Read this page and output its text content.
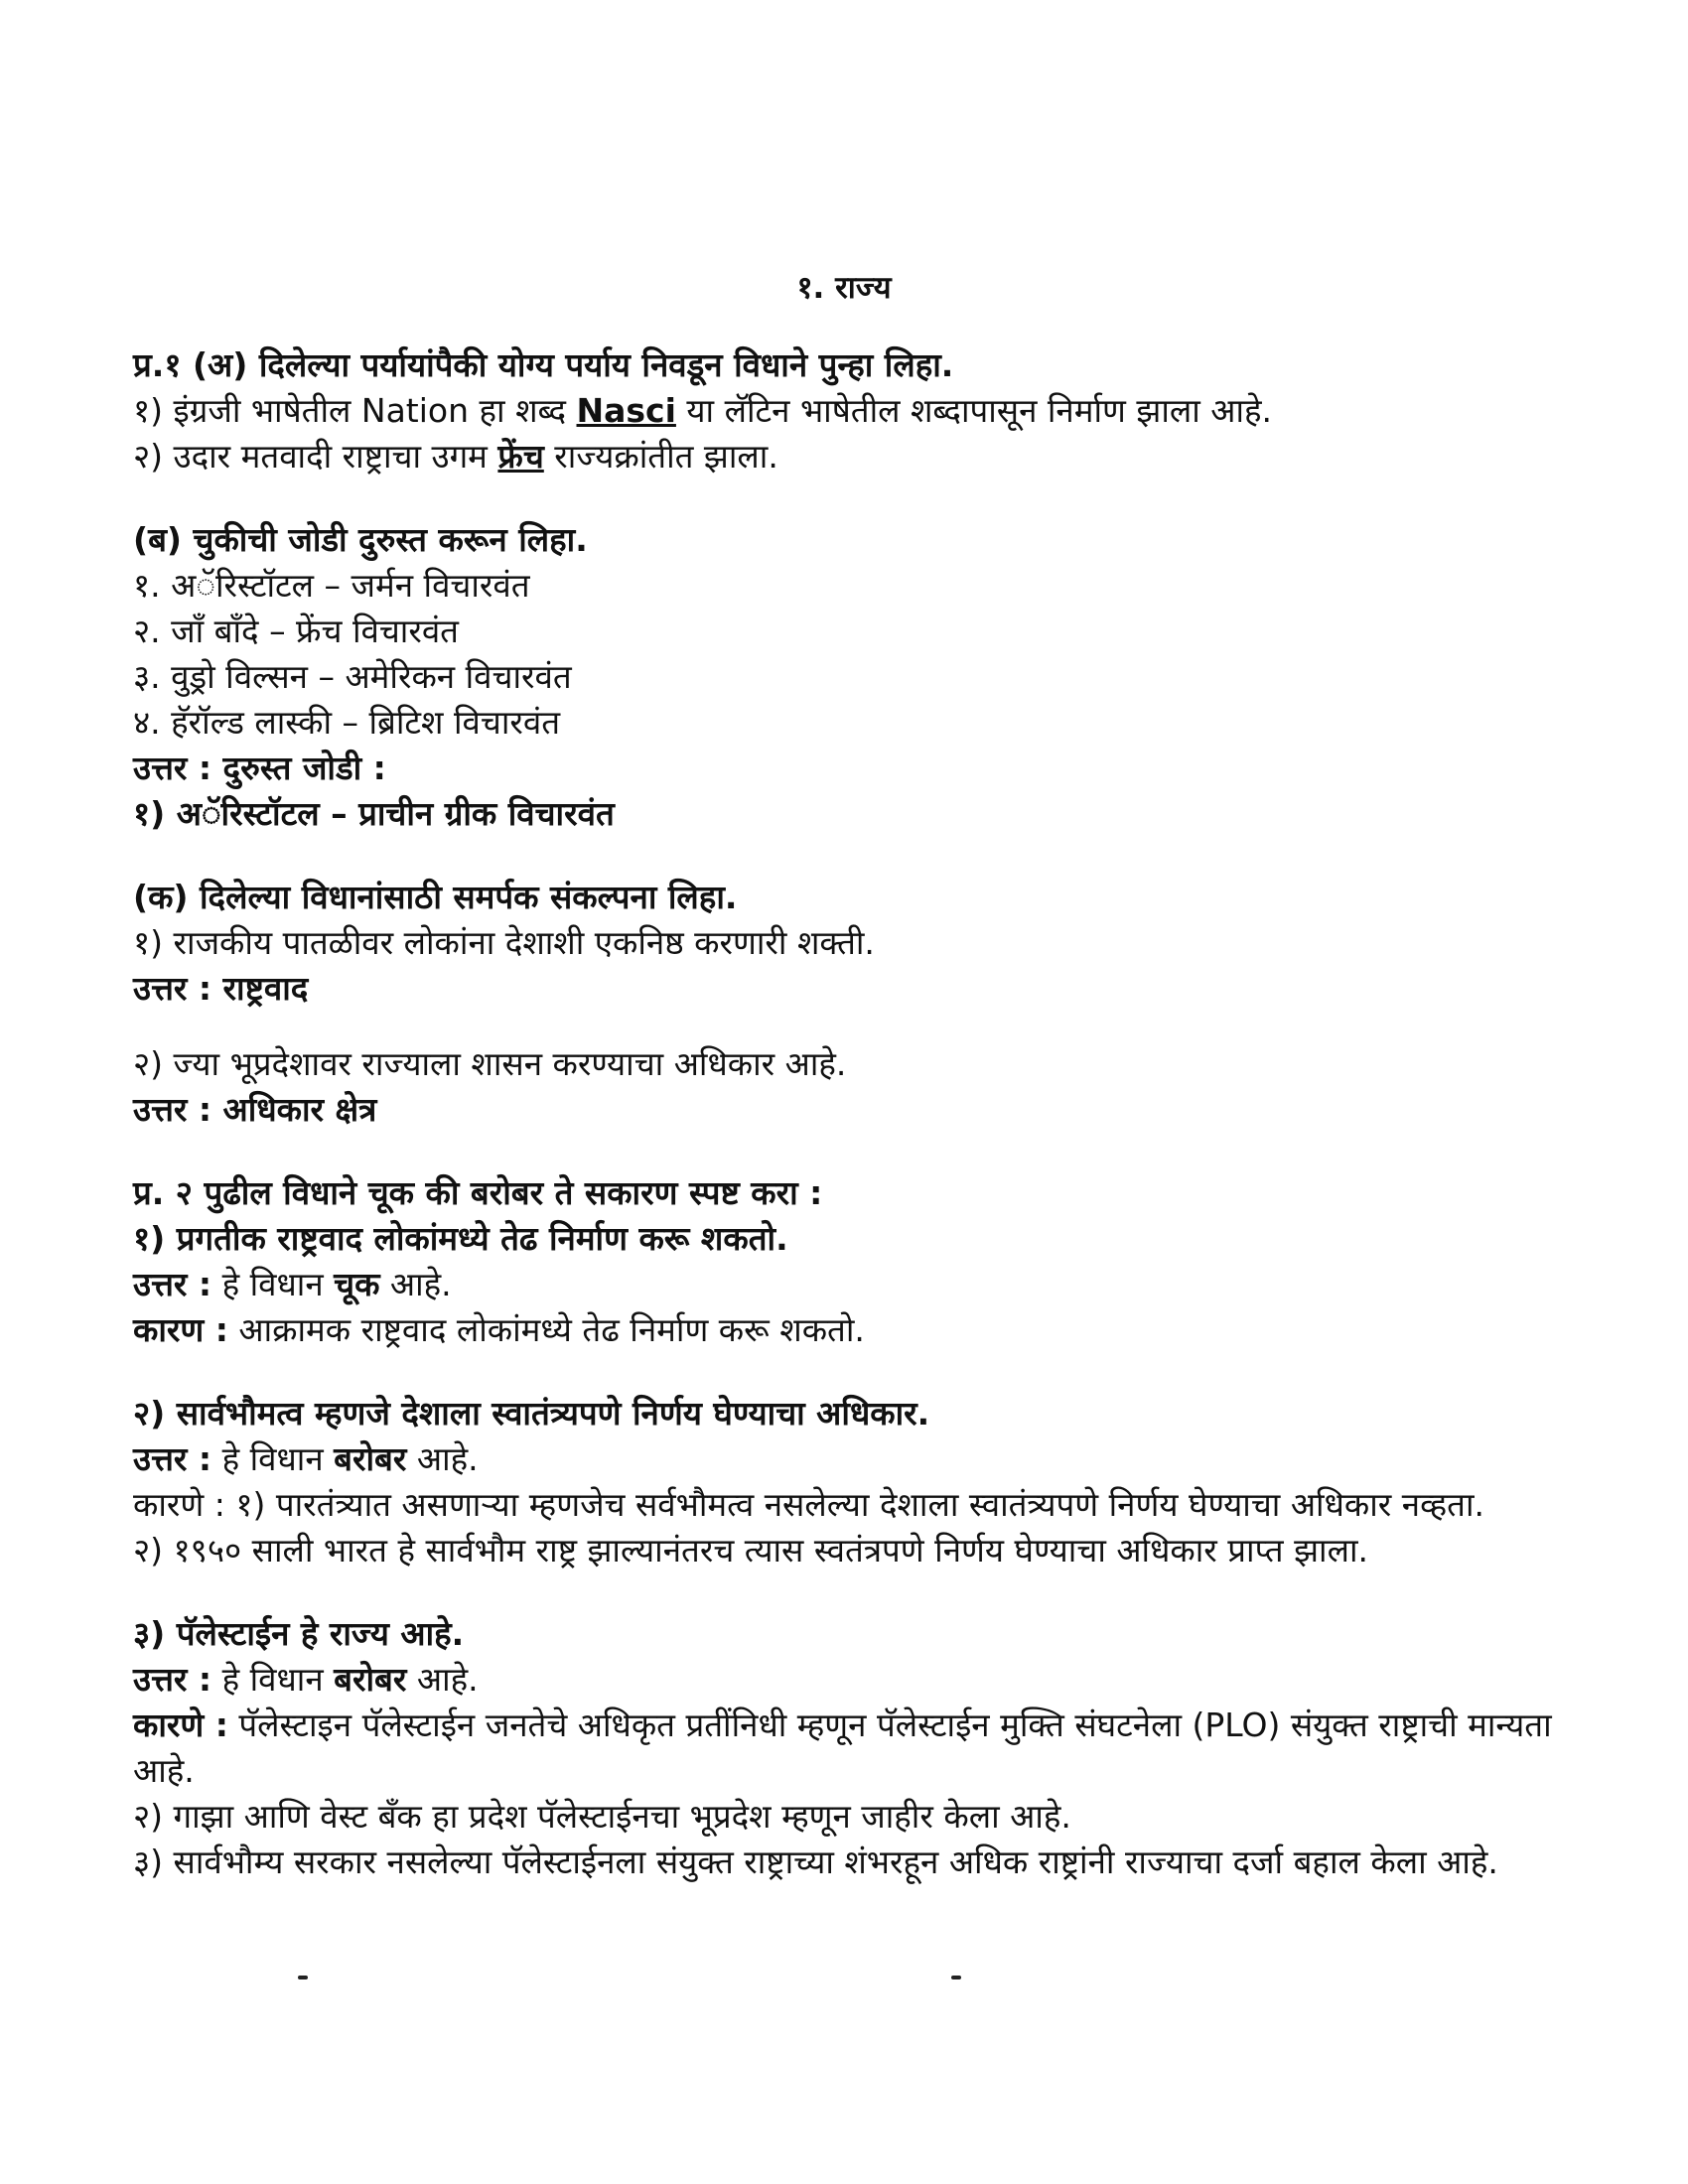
१. राज्य

प्र.१ (अ) दिलेल्या पर्यायांपैकी योग्य पर्याय निवडून विधाने पुन्हा लिहा.

१) इंग्रजी भाषेतील Nation हा शब्द Nasci या लॅटिन भाषेतील शब्दापासून निर्माण झाला आहे.

२) उदार मतवादी राष्ट्राचा उगम फ्रेंच राज्यक्रांतीत झाला.

(ब) चुकीची जोडी दुरुस्त करून लिहा.

१. अॅरिस्टॉटल – जर्मन विचारवंत

२. जाँ बाँदे – फ्रेंच विचारवंत

३. वुड्रो विल्सन – अमेरिकन विचारवंत

४. हॅरॉल्ड लास्की – ब्रिटिश विचारवंत

उत्तर : दुरुस्त जोडी :

१) अॅरिस्टॉटल – प्राचीन ग्रीक विचारवंत

(क) दिलेल्या विधानांसाठी समर्पक संकल्पना लिहा.

१) राजकीय पातळीवर लोकांना देशाशी एकनिष्ठ करणारी शक्ती.

उत्तर : राष्ट्रवाद

२) ज्या भूप्रदेशावर राज्याला शासन करण्याचा अधिकार आहे.

उत्तर : अधिकार क्षेत्र

प्र. २ पुढील विधाने चूक की बरोबर ते सकारण स्पष्ट करा :

१) प्रगतीक राष्ट्रवाद लोकांमध्ये तेढ निर्माण करू शकतो.

उत्तर : हे विधान चूक आहे.

कारण : आक्रामक राष्ट्रवाद लोकांमध्ये तेढ निर्माण करू शकतो.

२) सार्वभौमत्व म्हणजे देशाला स्वातंत्र्यपणे निर्णय घेण्याचा अधिकार.

उत्तर : हे विधान बरोबर आहे.

कारणे : १) पारतंत्र्यात असणाऱ्या म्हणजेच सर्वभौमत्व नसलेल्या देशाला स्वातंत्र्यपणे निर्णय घेण्याचा अधिकार नव्हता.

२) १९५० साली भारत हे सार्वभौम राष्ट्र झाल्यानंतरच त्यास स्वतंत्रपणे निर्णय घेण्याचा अधिकार प्राप्त झाला.

३) पॅलेस्टाईन हे राज्य आहे.

उत्तर : हे विधान बरोबर आहे.

कारणे : पॅलेस्टाइन पॅलेस्टाईन जनतेचे अधिकृत प्रतींनिधी म्हणून पॅलेस्टाईन मुक्ति संघटनेला (PLO) संयुक्त राष्ट्राची मान्यता आहे.

२) गाझा आणि वेस्ट बँक हा प्रदेश पॅलेस्टाईनचा भूप्रदेश म्हणून जाहीर केला आहे.

३) सार्वभौम्य सरकार नसलेल्या पॅलेस्टाईनला संयुक्त राष्ट्राच्या शंभरहून अधिक राष्ट्रांनी राज्याचा दर्जा बहाल केला आहे.
